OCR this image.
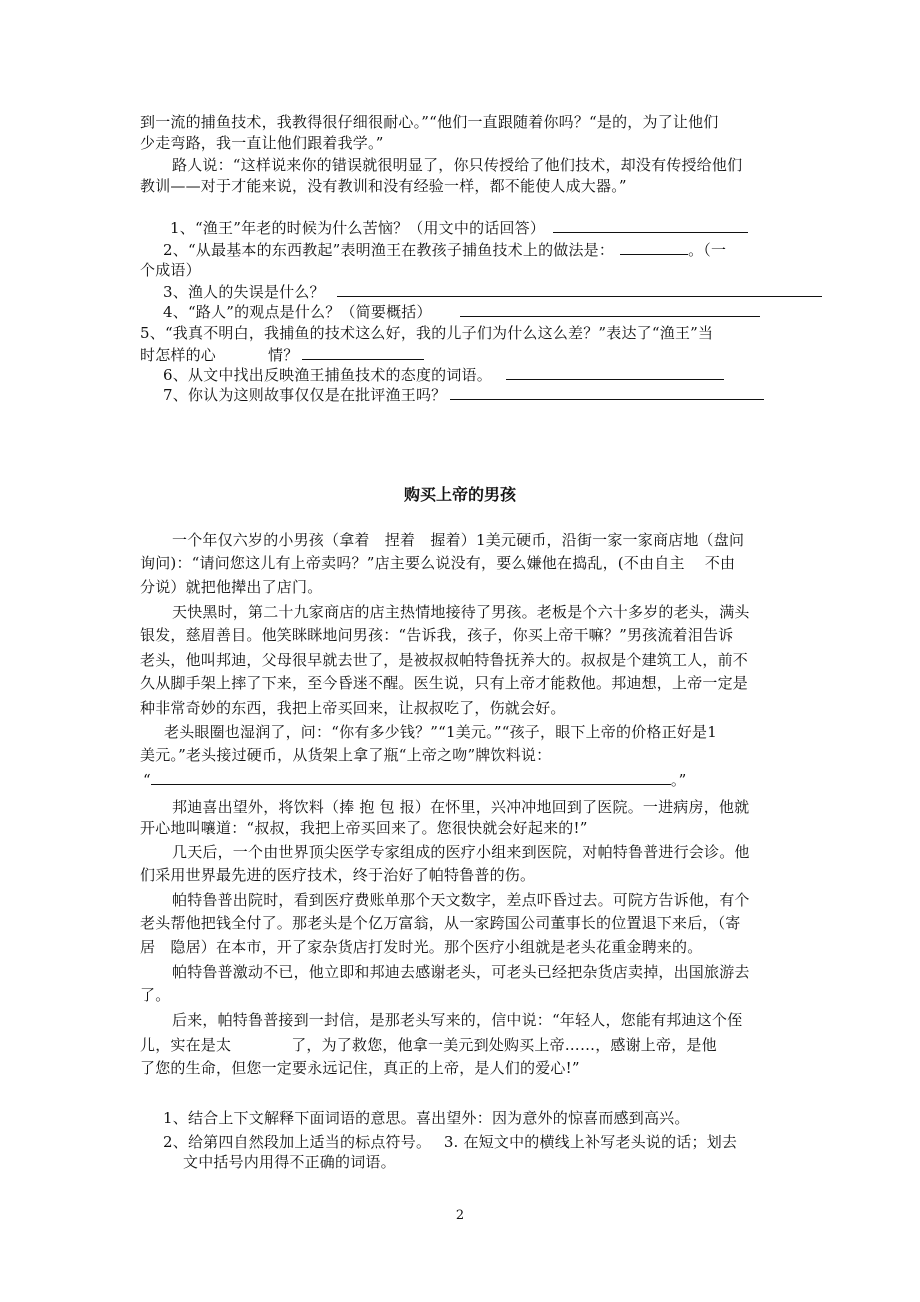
到一流的捕鱼技术，我教得很仔细很耐心。”“他们一直跟随着你吗？“是的，为了让他们
少走弯路，我一直让他们跟着我学。”
路人说：“这样说来你的错误就很明显了，你只传授给了他们技术，却没有传授给他们
教训——对于才能来说，没有教训和没有经验一样，都不能使人成大器。”
1、“渔王”年老的时候为什么苦恼？（用文中的话回答）
2、“从最基本的东西教起”表明渔王在教孩子捕鱼技术上的做法是：	。（一
个成语）
3、渔人的失误是什么？
4、“路人”的观点是什么？（简要概括）
5、“我真不明白，我捕鱼的技术这么好，我的儿子们为什么这么差？”表达了“渔王”当
时怎样的心	情？
6、从文中找出反映渔王捕鱼技术的态度的词语。
7、你认为这则故事仅仅是在批评渔王吗？
购买上帝的男孩
一个年仅六岁的小男孩（拿着　捏着　握着）1美元硬币，沿街一家一家商店地（盘问
询问)：“请问您这儿有上帝卖吗？”店主要么说没有，要么嫌他在捣乱，(不由自主　 不由
分说）就把他撵出了店门。
天快黑时，第二十九家商店的店主热情地接待了男孩。老板是个六十多岁的老头，满头
银发，慈眉善目。他笑眯眯地问男孩：“告诉我，孩子，你买上帝干嘛？”男孩流着泪告诉
老头，他叫邦迪，父母很早就去世了，是被叔叔帕特鲁抚养大的。叔叔是个建筑工人，前不
久从脚手架上摔了下来，至今昏迷不醒。医生说，只有上帝才能救他。邦迪想，上帝一定是
种非常奇妙的东西，我把上帝买回来，让叔叔吃了，伤就会好。
老头眼圈也湿润了，问：“你有多少钱？”“1美元。”“孩子，眼下上帝的价格正好是1
美元。”老头接过硬币，从货架上拿了瓶“上帝之吻”牌饮料说：
“	。”
邦迪喜出望外，将饮料（捧 抱 包 报）在怀里，兴冲冲地回到了医院。一进病房，他就
开心地叫嚷道：“叔叔，我把上帝买回来了。您很快就会好起来的!”
几天后，一个由世界顶尖医学专家组成的医疗小组来到医院，对帕特鲁普进行会诊。他
们采用世界最先进的医疗技术，终于治好了帕特鲁普的伤。
帕特鲁普出院时，看到医疗费账单那个天文数字，差点吓昏过去。可院方告诉他，有个
老头帮他把钱全付了。那老头是个亿万富翁，从一家跨国公司董事长的位置退下来后，（寄
居　隐居）在本市，开了家杂货店打发时光。那个医疗小组就是老头花重金聘来的。
帕特鲁普激动不已，他立即和邦迪去感谢老头，可老头已经把杂货店卖掉，出国旅游去
了。
后来，帕特鲁普接到一封信，是那老头写来的，信中说：“年轻人，您能有邦迪这个侄
儿，实在是太	了，为了救您，他拿一美元到处购买上帝……，感谢上帝，是他
了您的生命，但您一定要永远记住，真正的上帝，是人们的爱心!”
1、结合上下文解释下面词语的意思。喜出望外：因为意外的惊喜而感到高兴。
2、给第四自然段加上适当的标点符号。　 3. 在短文中的横线上补写老头说的话；划去
文中括号内用得不正确的词语。
2
